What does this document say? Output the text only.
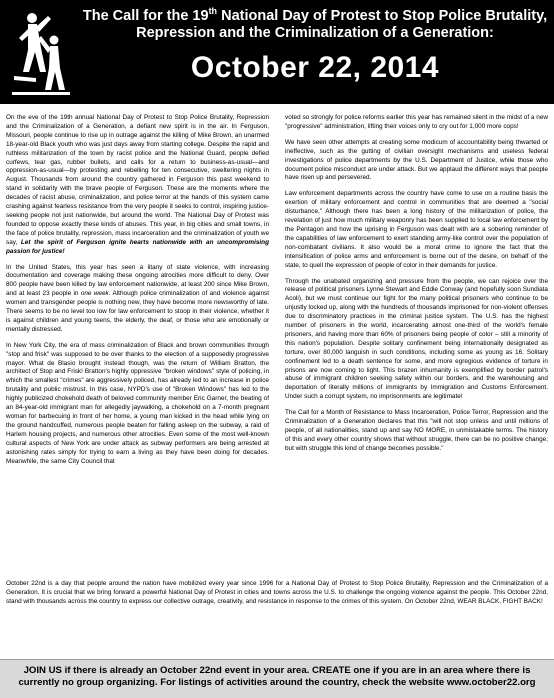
The Call for the 19th National Day of Protest to Stop Police Brutality, Repression and the Criminalization of a Generation:
October 22, 2014

On the eve of the 19th annual National Day of Protest to Stop Police Brutality, Repression and the Criminalization of a Generation, a defiant new spirit is in the air. In Ferguson, Missouri, people continue to rise up in outrage against the killing of Mike Brown, an unarmed 18-year-old Black youth who was just days away from starting college. Despite the rapid and ruthless militarization of the town by racist police and the National Guard, people defied curfews, tear gas, rubber bullets, and calls for a return to business-as-usual—and oppression-as-usual—by protesting and rebelling for ten consecutive, sweltering nights in August. Thousands from around the country gathered in Ferguson this past weekend to stand in solidarity with the brave people of Ferguson. These are the moments where the decades of racist abuse, criminalization, and police terror at the hands of this system came crashing against fearless resistance from the very people it seeks to control, inspiring justice-seeking people not just nationwide, but around the world. The National Day of Protest was founded to oppose exactly these kinds of abuses. This year, in big cities and small towns, in the face of police brutality, repression, mass incarceration and the criminalization of youth we say, Let the spirit of Ferguson ignite hearts nationwide with an uncompromising passion for justice!

In the United States, this year has seen a litany of state violence, with increasing documentation and coverage making these ongoing atrocities more difficult to deny. Over 800 people have been killed by law enforcement nationwide, at least 200 since Mike Brown, and at least 23 people in one week. Although police criminalization of and violence against women and transgender people is nothing new, they have become more newsworthy of late. There seems to be no level too low for law enforcement to stoop in their violence, whether it is against children and young teens, the elderly, the deaf, or those who are emotionally or mentally distressed.

In New York City, the era of mass criminalization of Black and brown communities through "stop and frisk" was supposed to be over thanks to the election of a supposedly progressive mayor. What de Blasio brought instead though, was the return of William Bratton, the architect of Stop and Frisk! Bratton's highly oppressive "broken windows" style of policing, in which the smallest "crimes" are aggressively policed, has already led to an increase in police brutality and public mistrust. In this case, NYPD's use of "Broken Windows" has led to the highly publicized chokehold death of beloved community member Eric Garner, the beating of an 84-year-old immigrant man for allegedly jaywalking, a chokehold on a 7-month pregnant woman for barbecuing in front of her home, a young man kicked in the head while lying on the ground handcuffed, numerous people beaten for falling asleep on the subway, a raid of Harlem housing projects, and numerous other atrocities. Even some of the most well-known cultural aspects of New York are under attack as subway performers are being arrested at astonishing rates simply for trying to earn a living as they have been doing for decades. Meanwhile, the same City Council that

voted so strongly for police reforms earlier this year has remained silent in the midst of a new "progressive" administration, lifting their voices only to cry out for 1,000 more cops!

We have seen other attempts at creating some modicum of accountability being thwarted or ineffective, such as the gutting of civilian oversight mechanisms and useless federal investigations of police departments by the U.S. Department of Justice, while those who document police misconduct are under attack. But we applaud the different ways that people have risen up and persevered.

Law enforcement departments across the country have come to use on a routine basis the exertion of military enforcement and control in communities that are deemed a "social disturbance." Although there has been a long history of the militarization of police, the revelation of just how much military weaponry has been supplied to local law enforcement by the Pentagon and how the uprising in Ferguson was dealt with are a sobering reminder of the capabilities of law enforcement to exert standing army-like control over the population of non-combatant civilians. It also would be a moral crime to ignore the fact that the intensification of police arms and enforcement is borne out of the desire, on behalf of the state, to quell the expression of people of color in their demands for justice.

Through the unabated organizing and pressure from the people, we can rejoice over the release of political prisoners Lynne Stewart and Eddie Conway (and hopefully soon Sundiata Acoli), but we must continue our fight for the many political prisoners who continue to be unjustly locked up, along with the hundreds of thousands imprisoned for non-violent offenses due to discriminatory practices in the criminal justice system. The U.S. has the highest number of prisoners in the world, incarcerating almost one-third of the world's female prisoners, and having more than 60% of prisoners being people of color – still a minority of this nation's population. Despite solitary confinement being internationally designated as torture, over 80,000 languish in such conditions, including some as young as 16. Solitary confinement led to a death sentence for some, and more egregious evidence of torture in prisons are now coming to light. This brazen inhumanity is exemplified by border patrol's abuse of immigrant children seeking safety within our borders, and the warehousing and deportation of literally millions of immigrants by Immigration and Customs Enforcement. Under such a corrupt system, no imprisonments are legitimate!

The Call for a Month of Resistance to Mass Incarceration, Police Terror, Repression and the Criminalization of a Generation declares that this "will not stop unless and until millions of people, of all nationalities, stand up and say NO MORE, in unmistakable terms. The history of this and every other country shows that without struggle, there can be no positive change; but with struggle this kind of change becomes possible."

October 22nd is a day that people around the nation have mobilized every year since 1996 for a National Day of Protest to Stop Police Brutality, Repression and the Criminalization of a Generation. It is crucial that we bring forward a powerful National Day of Protest in cities and towns across the U.S. to challenge the ongoing violence against the people. This October 22nd, stand with thousands across the country to express our collective outrage, creativity, and resistance in response to the crimes of this system. On October 22nd, WEAR BLACK, FIGHT BACK!

JOIN US if there is already an October 22nd event in your area. CREATE one if you are in an area where there is
currently no group organizing. For listings of activities around the country, check the website www.october22.org
